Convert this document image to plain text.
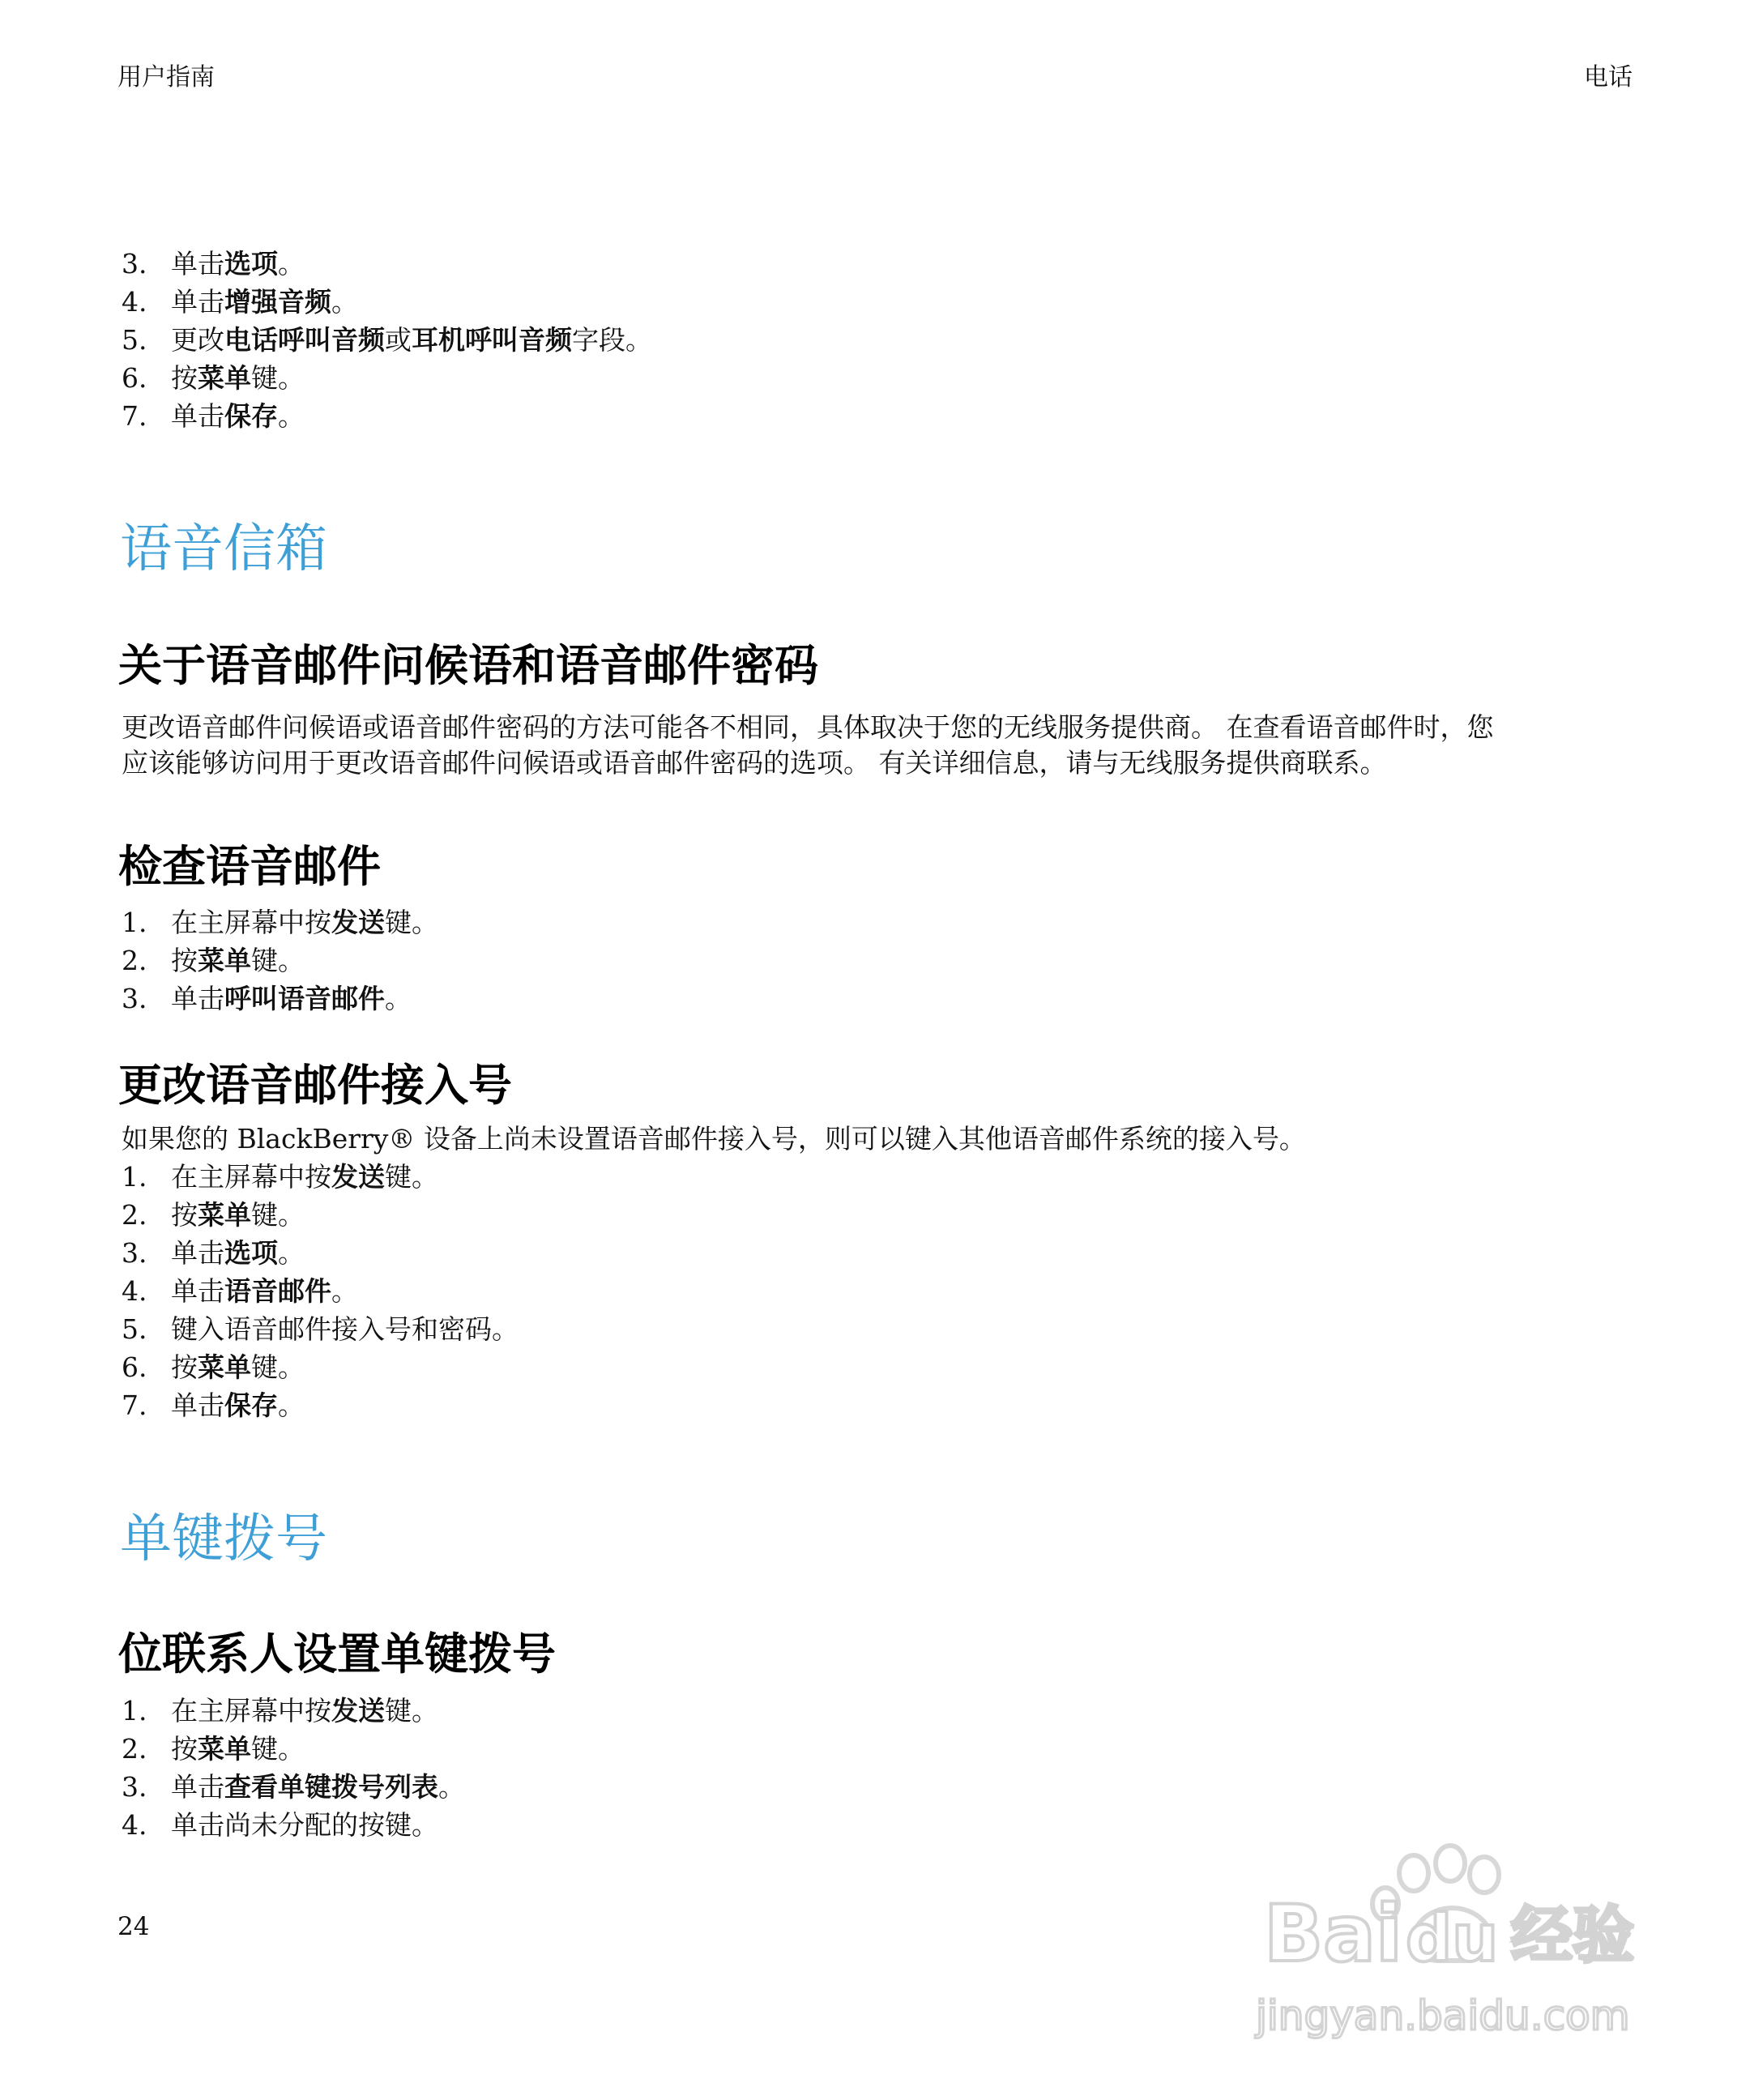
用户指南	电话
3. 单击选项。
4. 单击增强音频。
5. 更改电话呼叫音频或耳机呼叫音频字段。
6. 按菜单键。
7. 单击保存。
语音信箱
关于语音邮件问候语和语音邮件密码

更改语音邮件问候语或语音邮件密码的方法可能各不相同，具体取决于您的无线服务提供商。 在查看语音邮件时，您

应该能够访问用于更改语音邮件问候语或语音邮件密码的选项。 有关详细信息，请与无线服务提供商联系。

检查语音邮件
1. 在主屏幕中按发送键。
2. 按菜单键。
3. 单击呼叫语音邮件。
更改语音邮件接入号

如果您的 BlackBerry® 设备上尚未设置语音邮件接入号，则可以键入其他语音邮件系统的接入号。

1. 在主屏幕中按发送键。
2. 按菜单键。
3. 单击选项。
4. 单击语音邮件。
5. 键入语音邮件接入号和密码。
6. 按菜单键。
7. 单击保存。
单键拨号
位联系人设置单键拨号
1. 在主屏幕中按发送键。
2. 按菜单键。
3. 单击查看单键拨号列表。
4. 单击尚未分配的按键。
24	Bai du 经验
jingyan.baidu.com
